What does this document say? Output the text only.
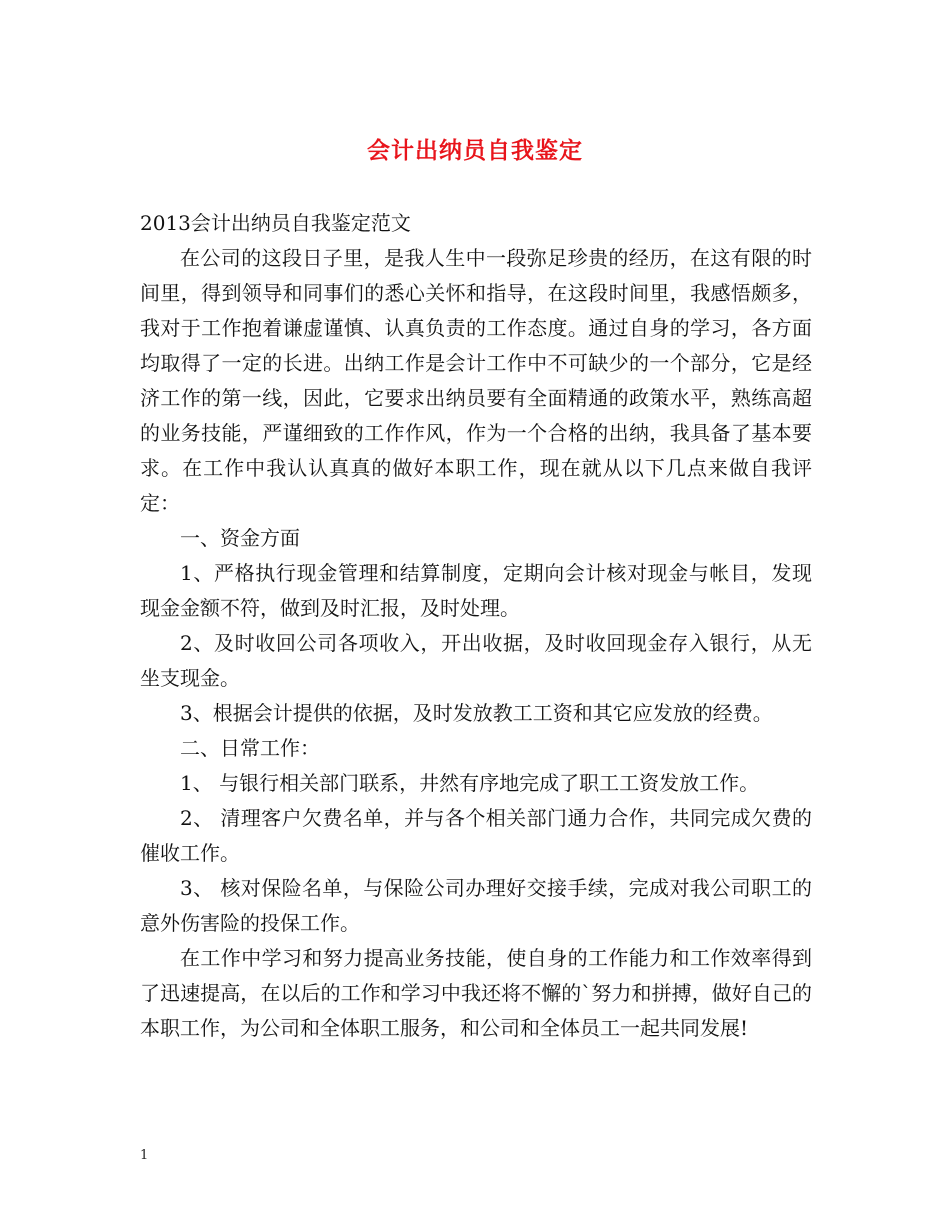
会计出纳员自我鉴定

2013会计出纳员自我鉴定范文

在公司的这段日子里，是我人生中一段弥足珍贵的经历，在这有限的时间里，得到领导和同事们的悉心关怀和指导，在这段时间里，我感悟颇多，我对于工作抱着谦虚谨慎、认真负责的工作态度。通过自身的学习，各方面均取得了一定的长进。出纳工作是会计工作中不可缺少的一个部分，它是经济工作的第一线，因此，它要求出纳员要有全面精通的政策水平，熟练高超的业务技能，严谨细致的工作作风，作为一个合格的出纳，我具备了基本要求。在工作中我认认真真的做好本职工作，现在就从以下几点来做自我评定：

一、资金方面

1、严格执行现金管理和结算制度，定期向会计核对现金与帐目，发现现金金额不符，做到及时汇报，及时处理。

2、及时收回公司各项收入，开出收据，及时收回现金存入银行，从无坐支现金。

3、根据会计提供的依据，及时发放教工工资和其它应发放的经费。

二、日常工作：

1、 与银行相关部门联系，井然有序地完成了职工工资发放工作。

2、 清理客户欠费名单，并与各个相关部门通力合作，共同完成欠费的催收工作。

3、 核对保险名单，与保险公司办理好交接手续，完成对我公司职工的意外伤害险的投保工作。

在工作中学习和努力提高业务技能，使自身的工作能力和工作效率得到了迅速提高，在以后的工作和学习中我还将不懈的`努力和拼搏，做好自己的本职工作，为公司和全体职工服务，和公司和全体员工一起共同发展!

1
